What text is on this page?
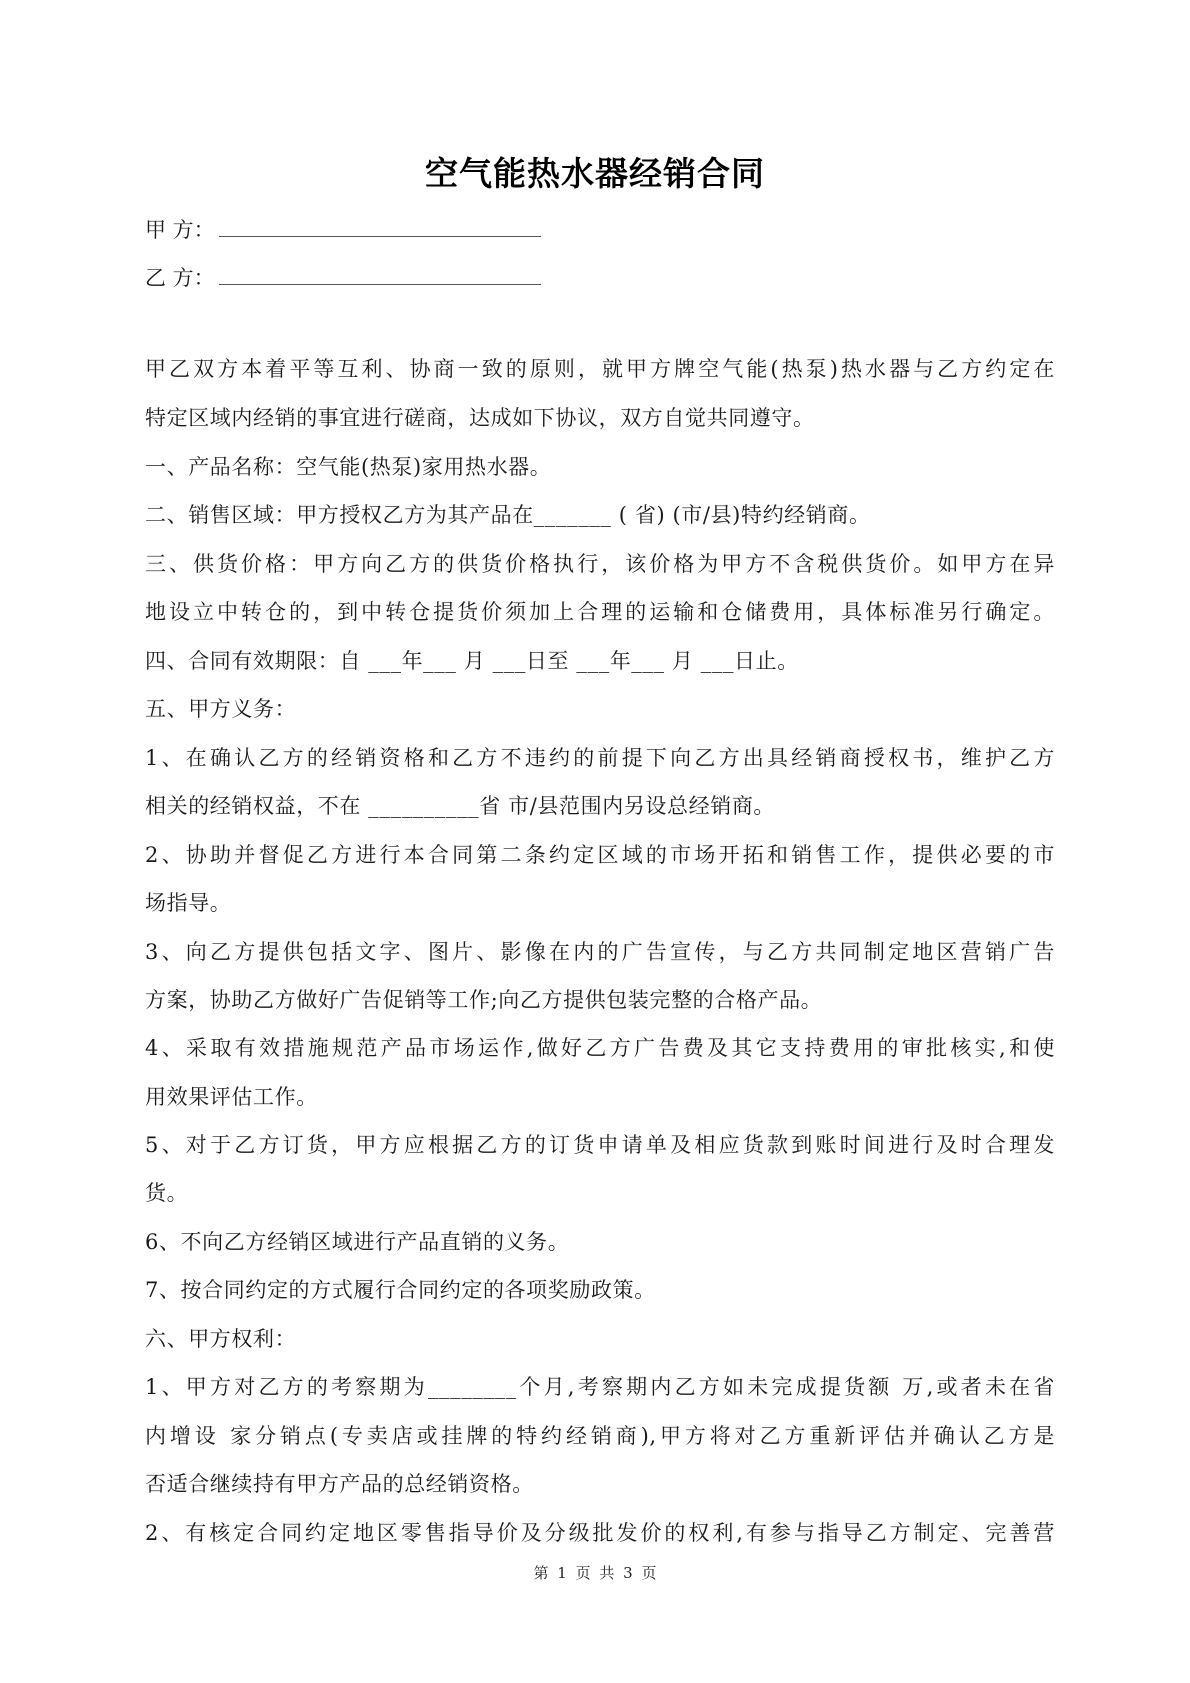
空气能热水器经销合同
甲 方：
乙 方：
甲乙双方本着平等互利、协商一致的原则，就甲方牌空气能(热泵)热水器与乙方约定在
特定区域内经销的事宜进行磋商，达成如下协议，双方自觉共同遵守。
一、产品名称：空气能(热泵)家用热水器。
二、销售区域：甲方授权乙方为其产品在_______ ( 省) (市/县)特约经销商。
三、供货价格：甲方向乙方的供货价格执行，该价格为甲方不含税供货价。如甲方在异
地设立中转仓的，到中转仓提货价须加上合理的运输和仓储费用，具体标准另行确定。
四、合同有效期限：自 ___年___ 月 ___日至 ___年___ 月 ___日止。
五、甲方义务：
1、在确认乙方的经销资格和乙方不违约的前提下向乙方出具经销商授权书，维护乙方
相关的经销权益，不在 __________省 市/县范围内另设总经销商。
2、协助并督促乙方进行本合同第二条约定区域的市场开拓和销售工作，提供必要的市
场指导。
3、向乙方提供包括文字、图片、影像在内的广告宣传，与乙方共同制定地区营销广告
方案，协助乙方做好广告促销等工作;向乙方提供包装完整的合格产品。
4、采取有效措施规范产品市场运作,做好乙方广告费及其它支持费用的审批核实,和使
用效果评估工作。
5、对于乙方订货，甲方应根据乙方的订货申请单及相应货款到账时间进行及时合理发
货。
6、不向乙方经销区域进行产品直销的义务。
7、按合同约定的方式履行合同约定的各项奖励政策。
六、甲方权利：
1、甲方对乙方的考察期为________个月,考察期内乙方如未完成提货额 万,或者未在省
内增设 家分销点(专卖店或挂牌的特约经销商),甲方将对乙方重新评估并确认乙方是
否适合继续持有甲方产品的总经销资格。
2、有核定合同约定地区零售指导价及分级批发价的权利,有参与指导乙方制定、完善营
第 1 页 共 3 页
